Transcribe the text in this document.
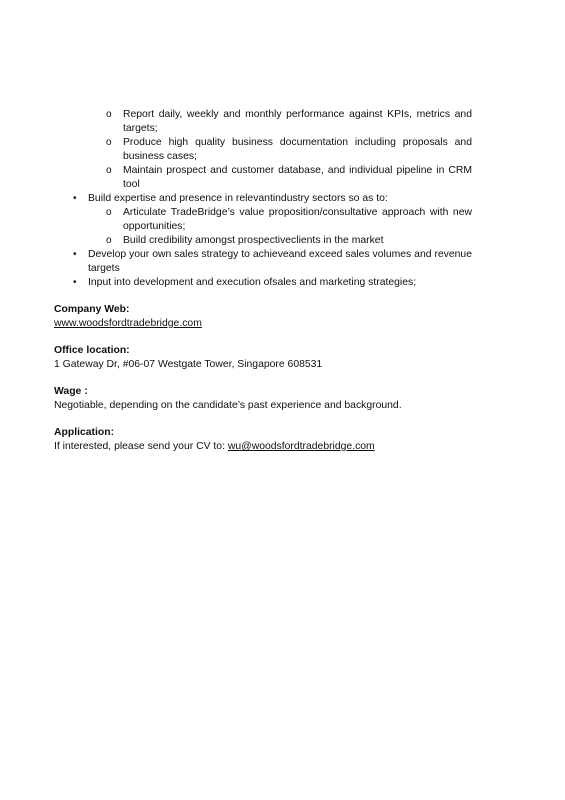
o Report daily, weekly and monthly performance against KPIs, metrics and targets;
o Produce high quality business documentation including proposals and business cases;
o Maintain prospect and customer database, and individual pipeline in CRM tool
• Build expertise and presence in relevantindustry sectors so as to:
o Articulate TradeBridge’s value proposition/consultative approach with new opportunities;
o Build credibility amongst prospectiveclients in the market
• Develop your own sales strategy to achieveand exceed sales volumes and revenue targets
• Input into development and execution ofsales and marketing strategies;
Company Web:
www.woodsfordtradebridge.com
Office location:
1 Gateway Dr, #06-07 Westgate Tower, Singapore 608531
Wage :
Negotiable, depending on the candidate’s past experience and background.
Application:
If interested, please send your CV to: wu@woodsfordtradebridge.com
